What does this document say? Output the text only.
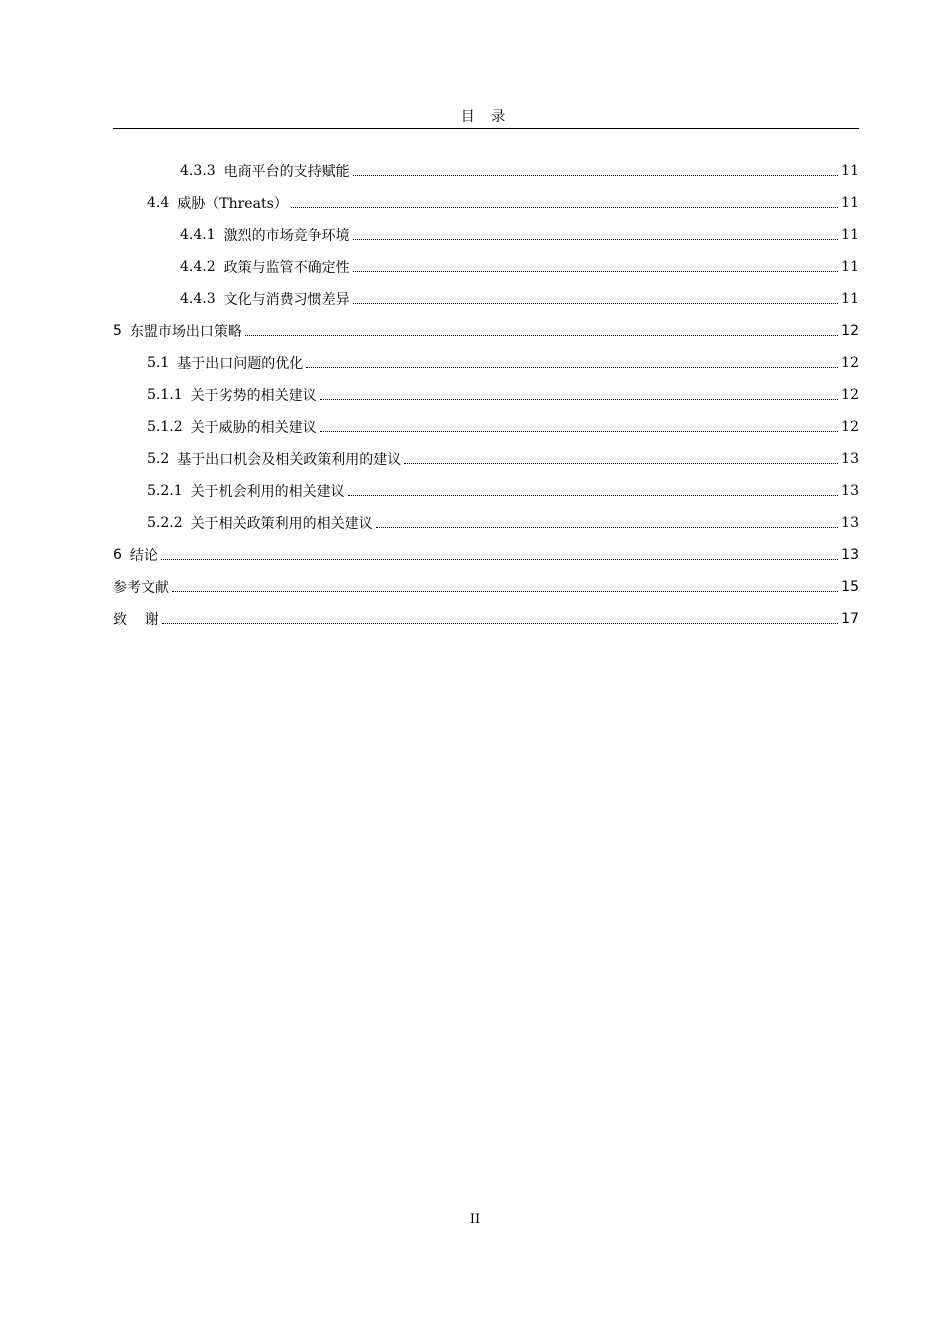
目 录
4.3.3 电商平台的支持赋能	11
4.4 威胁（Threats）	11
4.4.1 激烈的市场竞争环境	11
4.4.2 政策与监管不确定性	11
4.4.3 文化与消费习惯差异	11
5 东盟市场出口策略	12
5.1 基于出口问题的优化	12
5.1.1 关于劣势的相关建议	12
5.1.2 关于威胁的相关建议	12
5.2 基于出口机会及相关政策利用的建议	13
5.2.1 关于机会利用的相关建议	13
5.2.2 关于相关政策利用的相关建议	13
6 结论	13
参考文献	15
致    谢	17
II
